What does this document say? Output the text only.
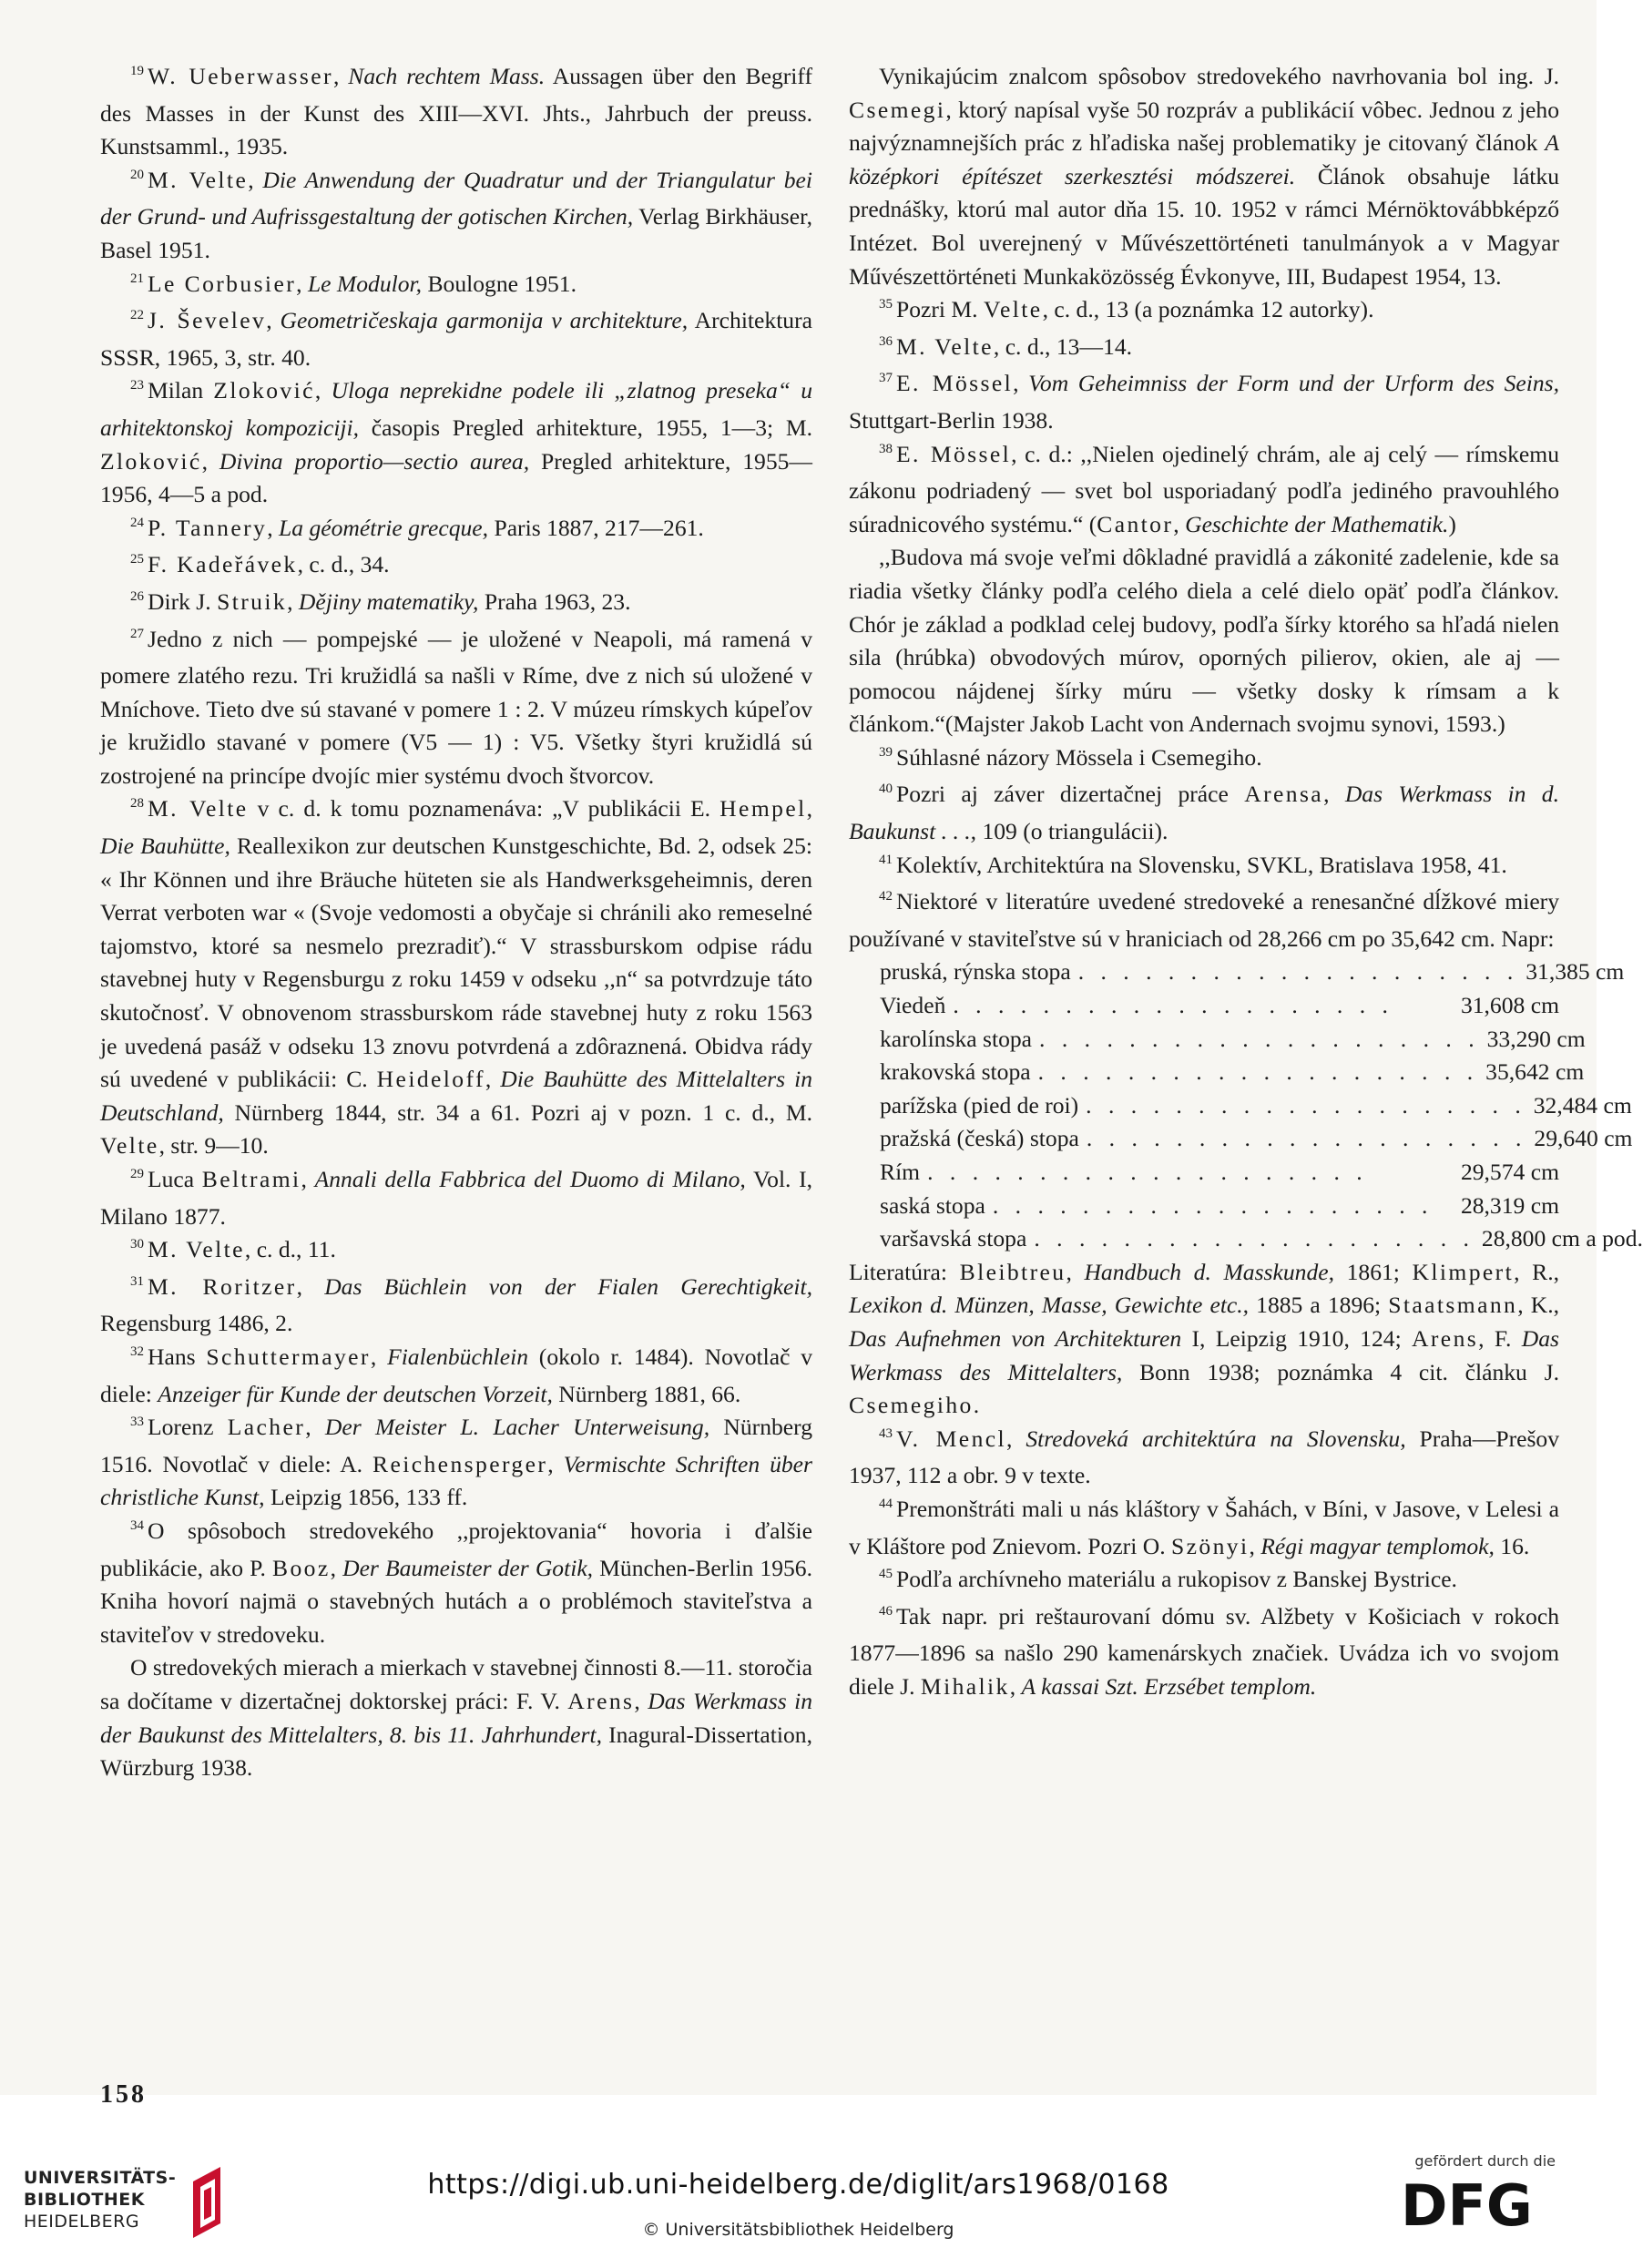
$^{19}$ W. Ueberwasser, Nach rechtem Mass. Aussagen über den Begriff des Masses in der Kunst des XIII—XVI. Jhts., Jahrbuch der preuss. Kunstsamml., 1935.

$^{20}$ M. Velte, Die Anwendung der Quadratur und der Triangulatur bei der Grund- und Aufrissgestaltung der gotischen Kirchen, Verlag Birkhäuser, Basel 1951.

$^{21}$ Le Corbusier, Le Modulor, Boulogne 1951.

$^{22}$ J. Ševelev, Geometričeskaja garmonija v architekture, Architektura SSSR, 1965, 3, str. 40.

$^{23}$ Milan Zloković, Uloga neprekidne podele ili „zlatnog preseka“ u arhitektonskoj kompoziciji, časopis Pregled arhitekture, 1955, 1—3; M. Zloković, Divina proportio—sectio aurea, Pregled arhitekture, 1955—1956, 4—5 a pod.

$^{24}$ P. Tannery, La géométrie grecque, Paris 1887, 217—261.

$^{25}$ F. Kadeřávek, c. d., 34.

$^{26}$ Dirk J. Struik, Dějiny matematiky, Praha 1963, 23.

$^{27}$ Jedno z nich — pompejské — je uložené v Neapoli, má ramená v pomere zlatého rezu. Tri kružidlá sa našli v Ríme, dve z nich sú uložené v Mníchove. Tieto dve sú stavané v pomere 1 : 2. V múzeu rímskych kúpeľov je kružidlo stavané v pomere (V5 — 1) : V5. Všetky štyri kružidlá sú zostrojené na princípe dvojíc mier systému dvoch štvorcov.

$^{28}$ M. Velte v c. d. k tomu poznamenáva: „V publikácii E. Hempel, Die Bauhütte, Reallexikon zur deutschen Kunstgeschichte, Bd. 2, odsek 25: « Ihr Können und ihre Bräuche hüteten sie als Handwerksgeheimnis, deren Verrat verboten war « (Svoje vedomosti a obyčaje si chránili ako remeselné tajomstvo, ktoré sa nesmelo prezradiť).“ V strassburskom odpise rádu stavebnej huty v Regensburgu z roku 1459 v odseku ,,n“ sa potvrdzuje táto skutočnosť. V obnovenom strassburskom ráde stavebnej huty z roku 1563 je uvedená pasáž v odseku 13 znovu potvrdená a zdôraznená. Obidva rády sú uvedené v publikácii: C. Heideloff, Die Bauhütte des Mittelalters in Deutschland, Nürnberg 1844, str. 34 a 61. Pozri aj v pozn. 1 c. d., M. Velte, str. 9—10.

$^{29}$ Luca Beltrami, Annali della Fabbrica del Duomo di Milano, Vol. I, Milano 1877.

$^{30}$ M. Velte, c. d., 11.

$^{31}$ M. Roritzer, Das Büchlein von der Fialen Gerechtigkeit, Regensburg 1486, 2.

$^{32}$ Hans Schuttermayer, Fialenbüchlein (okolo r. 1484). Novotlač v diele: Anzeiger für Kunde der deutschen Vorzeit, Nürnberg 1881, 66.

$^{33}$ Lorenz Lacher, Der Meister L. Lacher Unterweisung, Nürnberg 1516. Novotlač v diele: A. Reichensperger, Vermischte Schriften über christliche Kunst, Leipzig 1856, 133 ff.

$^{34}$ O spôsoboch stredovekého ,,projektovania“ hovoria i ďalšie publikácie, ako P. Booz, Der Baumeister der Gotik, München-Berlin 1956. Kniha hovorí najmä o stavebných hutách a o problémoch staviteľstva a staviteľov v stredoveku.

O stredovekých mierach a mierkach v stavebnej činnosti 8.—11. storočia sa dočítame v dizertačnej doktorskej práci: F. V. Arens, Das Werkmass in der Baukunst des Mittelalters, 8. bis 11. Jahrhundert, Inagural-Dissertation, Würzburg 1938.

Vynikajúcim znalcom spôsobov stredovekého navrhovania bol ing. J. Csemegi, ktorý napísal vyše 50 rozpráv a publikácií vôbec. Jednou z jeho najvýznamnejších prác z hľadiska našej problematiky je citovaný článok A középkori építészet szerkesztési módszerei. Článok obsahuje látku prednášky, ktorú mal autor dňa 15. 10. 1952 v rámci Mérnöktovábbképző Intézet. Bol uverejnený v Művészettörténeti tanulmányok a v Magyar Művészettörténeti Munkaközösség Évkonyve, III, Budapest 1954, 13.

$^{35}$ Pozri M. Velte, c. d., 13 (a poznámka 12 autorky).

$^{36}$ M. Velte, c. d., 13—14.

$^{37}$ E. Mössel, Vom Geheimniss der Form und der Urform des Seins, Stuttgart-Berlin 1938.

$^{38}$ E. Mössel, c. d.: ,,Nielen ojedinelý chrám, ale aj celý — rímskemu zákonu podriadený — svet bol usporiadaný podľa jediného pravouhlého súradnicového systému.“ (Cantor, Geschichte der Mathematik.)

,,Budova má svoje veľmi dôkladné pravidlá a zákonité zadelenie, kde sa riadia všetky články podľa celého diela a celé dielo opäť podľa článkov. Chór je základ a podklad celej budovy, podľa šírky ktorého sa hľadá nielen sila (hrúbka) obvodových múrov, oporných pilierov, okien, ale aj — pomocou nájdenej šírky múru — všetky dosky k rímsam a k článkom.“(Majster Jakob Lacht von Andernach svojmu synovi, 1593.)

$^{39}$ Súhlasné názory Mössela i Csemegiho.

$^{40}$ Pozri aj záver dizertačnej práce Arensa, Das Werkmass in d. Baukunst . . ., 109 (o triangulácii).

$^{41}$ Kolektív, Architektúra na Slovensku, SVKL, Bratislava 1958, 41.

$^{42}$ Niektoré v literatúre uvedené stredoveké a renesančné dĺžkové miery používané v staviteľstve sú v hraniciach od 28,266 cm po 35,642 cm. Napr:

pruská, rýnska stopa . . . . . . . . . . . . . . . . . . . . 31,385 cm
Viedeň . . . . . . . . . . . . . . . . . . . .	31,608 cm
karolínska stopa . . . . . . . . . . . . . . . . . . . . 33,290 cm
krakovská stopa . . . . . . . . . . . . . . . . . . . . 35,642 cm
parížska (pied de roi) . . . . . . . . . . . . . . . . . . . . 32,484 cm
pražská (česká) stopa . . . . . . . . . . . . . . . . . . . . 29,640 cm
Rím . . . . . . . . . . . . . . . . . . . .	29,574 cm
saská stopa . . . . . . . . . . . . . . . . . . . .	28,319 cm
varšavská stopa . . . . . . . . . . . . . . . . . . . . 28,800 cm a pod.

Literatúra: Bleibtreu, Handbuch d. Masskunde, 1861; Klimpert, R., Lexikon d. Münzen, Masse, Gewichte etc., 1885 a 1896; Staatsmann, K., Das Aufnehmen von Architekturen I, Leipzig 1910, 124; Arens, F. Das Werkmass des Mittelalters, Bonn 1938; poznámka 4 cit. článku J. Csemegiho.

$^{43}$ V. Mencl, Stredoveká architektúra na Slovensku, Praha—Prešov 1937, 112 a obr. 9 v texte.

$^{44}$ Premonštráti mali u nás kláštory v Šahách, v Bíni, v Jasove, v Lelesi a v Kláštore pod Znievom. Pozri O. Szönyi, Régi magyar templomok, 16.

$^{45}$ Podľa archívneho materiálu a rukopisov z Banskej Bystrice.

$^{46}$ Tak napr. pri reštaurovaní dómu sv. Alžbety v Košiciach v rokoch 1877—1896 sa našlo 290 kamenárskych značiek. Uvádza ich vo svojom diele J. Mihalik, A kassai Szt. Erzsébet templom.

158
UNIVERSITÄTS-
BIBLIOTHEK
HEIDELBERG
https://digi.ub.uni-heidelberg.de/diglit/ars1968/0168
© Universitätsbibliothek Heidelberg
gefördert durch die
DFG
